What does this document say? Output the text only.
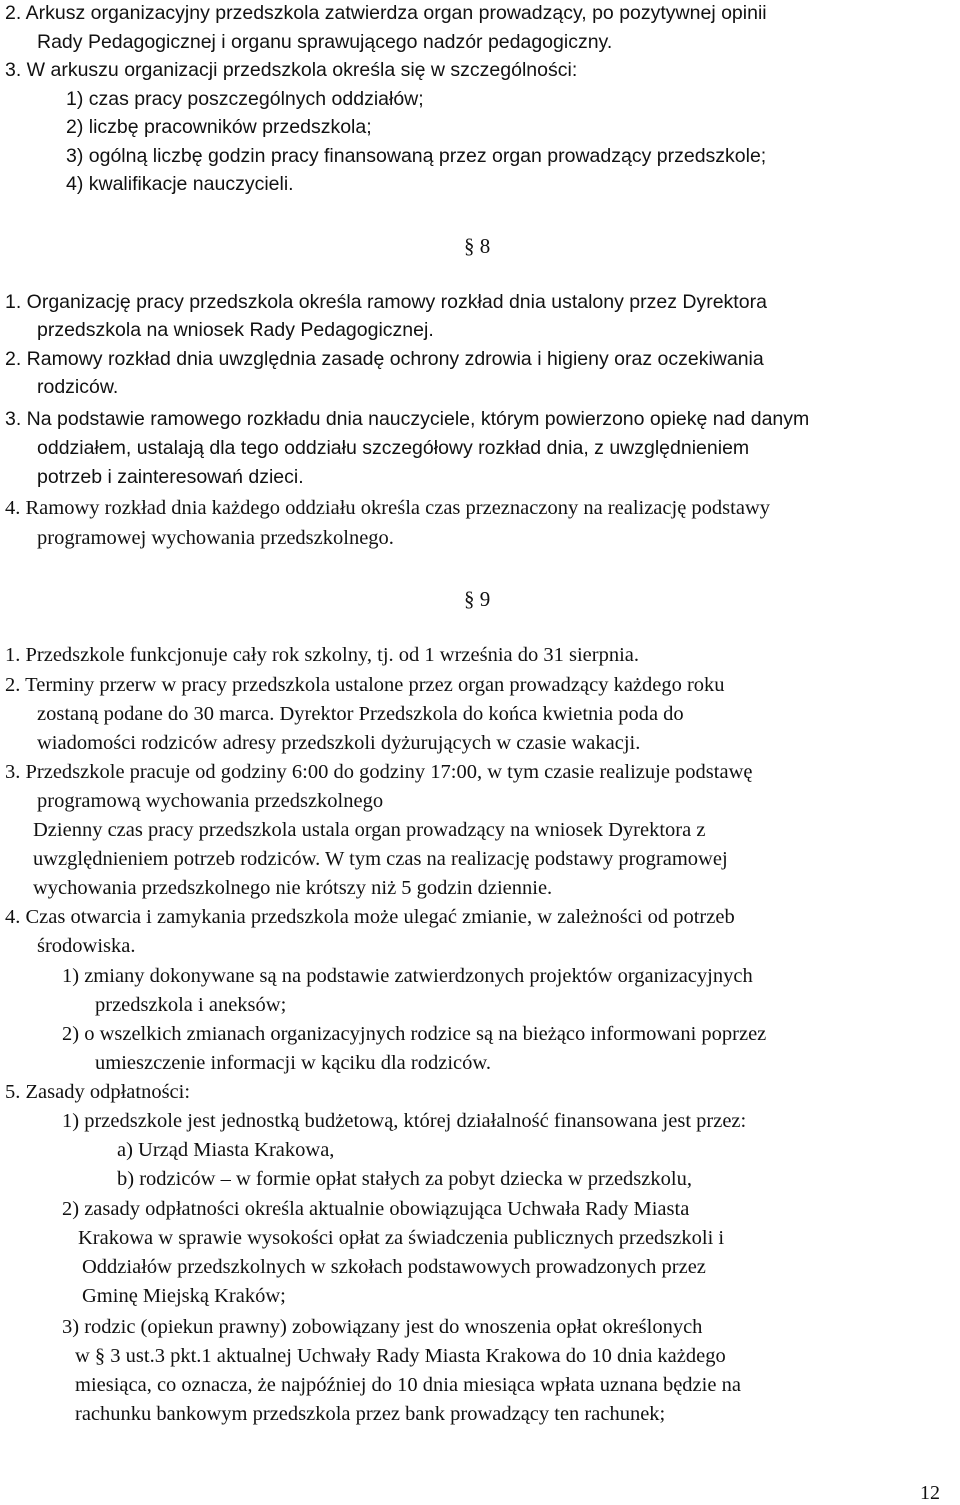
2. Arkusz organizacyjny przedszkola zatwierdza organ prowadzący, po pozytywnej opinii
Rady Pedagogicznej i organu sprawującego nadzór pedagogiczny.
3. W arkuszu organizacji przedszkola określa się w szczególności:
1) czas pracy poszczególnych oddziałów;
2) liczbę pracowników przedszkola;
3) ogólną liczbę godzin pracy finansowaną przez organ prowadzący przedszkole;
4) kwalifikacje nauczycieli.
§ 8
1. Organizację pracy przedszkola określa ramowy rozkład dnia ustalony przez Dyrektora
przedszkola na wniosek Rady Pedagogicznej.
2. Ramowy rozkład dnia uwzględnia zasadę ochrony zdrowia i higieny oraz oczekiwania
rodziców.
3. Na podstawie ramowego rozkładu dnia nauczyciele, którym powierzono opiekę nad danym
oddziałem, ustalają dla tego oddziału szczegółowy rozkład dnia, z uwzględnieniem
potrzeb i zainteresowań dzieci.
4. Ramowy rozkład dnia każdego oddziału określa czas przeznaczony na realizację podstawy
programowej wychowania przedszkolnego.
§ 9
1. Przedszkole funkcjonuje cały rok szkolny, tj. od 1 września do 31 sierpnia.
2. Terminy przerw w pracy przedszkola ustalone przez organ prowadzący każdego roku
zostaną podane do 30 marca. Dyrektor Przedszkola do końca kwietnia poda do
wiadomości rodziców adresy przedszkoli dyżurujących w czasie wakacji.
3. Przedszkole pracuje od godziny 6:00 do godziny 17:00, w tym czasie realizuje podstawę
programową wychowania przedszkolnego
Dzienny czas pracy przedszkola ustala organ prowadzący na wniosek Dyrektora z
uwzględnieniem potrzeb rodziców. W tym czas na realizację podstawy programowej
wychowania przedszkolnego nie krótszy niż 5 godzin dziennie.
4. Czas otwarcia i zamykania przedszkola może ulegać zmianie, w zależności od potrzeb
środowiska.
1) zmiany dokonywane są na podstawie zatwierdzonych projektów organizacyjnych
przedszkola i aneksów;
2) o wszelkich zmianach organizacyjnych rodzice są na bieżąco informowani poprzez
umieszczenie informacji w kąciku dla rodziców.
5. Zasady odpłatności:
1) przedszkole jest jednostką budżetową, której działalność finansowana jest przez:
a) Urząd Miasta Krakowa,
b) rodziców – w formie opłat stałych za pobyt dziecka w przedszkolu,
2) zasady odpłatności określa aktualnie obowiązująca Uchwała Rady Miasta
Krakowa w sprawie wysokości opłat za świadczenia publicznych przedszkoli i
Oddziałów przedszkolnych w szkołach podstawowych prowadzonych przez
Gminę Miejską Kraków;
3) rodzic (opiekun prawny) zobowiązany jest do wnoszenia opłat określonych
w § 3 ust.3 pkt.1 aktualnej Uchwały Rady Miasta Krakowa do 10 dnia każdego
miesiąca, co oznacza, że najpóźniej do 10 dnia miesiąca wpłata uznana będzie na
rachunku bankowym przedszkola przez bank prowadzący ten rachunek;
12
